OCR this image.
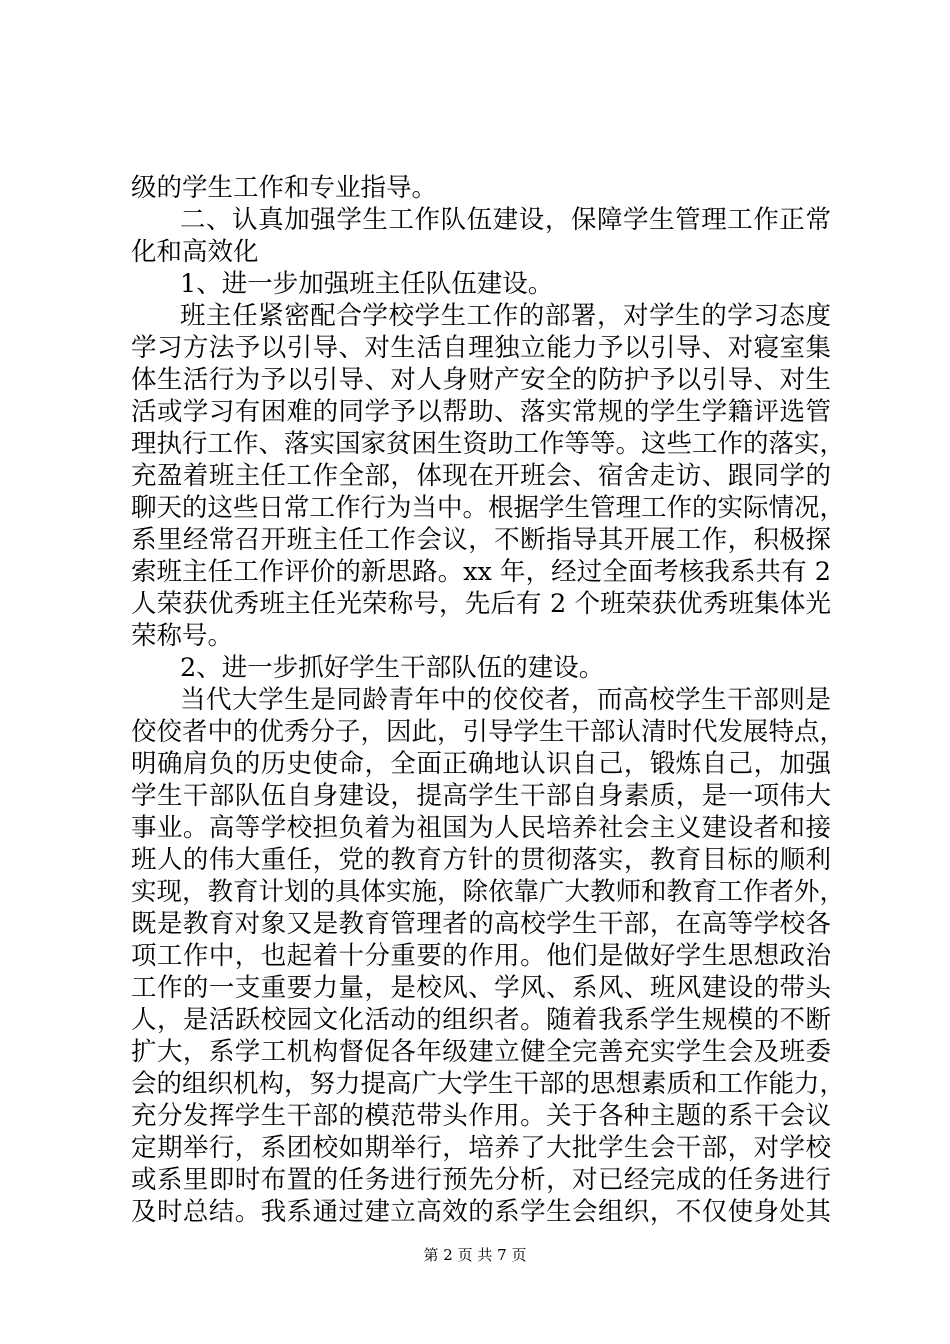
级的学生工作和专业指导。
二、认真加强学生工作队伍建设，保障学生管理工作正常
化和高效化
1、进一步加强班主任队伍建设。
班主任紧密配合学校学生工作的部署，对学生的学习态度
学习方法予以引导、对生活自理独立能力予以引导、对寝室集
体生活行为予以引导、对人身财产安全的防护予以引导、对生
活或学习有困难的同学予以帮助、落实常规的学生学籍评选管
理执行工作、落实国家贫困生资助工作等等。这些工作的落实，
充盈着班主任工作全部，体现在开班会、宿舍走访、跟同学的
聊天的这些日常工作行为当中。根据学生管理工作的实际情况，
系里经常召开班主任工作会议，不断指导其开展工作，积极探
索班主任工作评价的新思路。xx 年，经过全面考核我系共有 2
人荣获优秀班主任光荣称号，先后有 2 个班荣获优秀班集体光
荣称号。
2、进一步抓好学生干部队伍的建设。
当代大学生是同龄青年中的佼佼者，而高校学生干部则是
佼佼者中的优秀分子，因此，引导学生干部认清时代发展特点，
明确肩负的历史使命，全面正确地认识自己，锻炼自己，加强
学生干部队伍自身建设，提高学生干部自身素质，是一项伟大
事业。高等学校担负着为祖国为人民培养社会主义建设者和接
班人的伟大重任，党的教育方针的贯彻落实，教育目标的顺利
实现，教育计划的具体实施，除依靠广大教师和教育工作者外，
既是教育对象又是教育管理者的高校学生干部，在高等学校各
项工作中，也起着十分重要的作用。他们是做好学生思想政治
工作的一支重要力量，是校风、学风、系风、班风建设的带头
人，是活跃校园文化活动的组织者。随着我系学生规模的不断
扩大，系学工机构督促各年级建立健全完善充实学生会及班委
会的组织机构，努力提高广大学生干部的思想素质和工作能力，
充分发挥学生干部的模范带头作用。关于各种主题的系干会议
定期举行，系团校如期举行，培养了大批学生会干部，对学校
或系里即时布置的任务进行预先分析，对已经完成的任务进行
及时总结。我系通过建立高效的系学生会组织，不仅使身处其
第 2 页 共 7 页
